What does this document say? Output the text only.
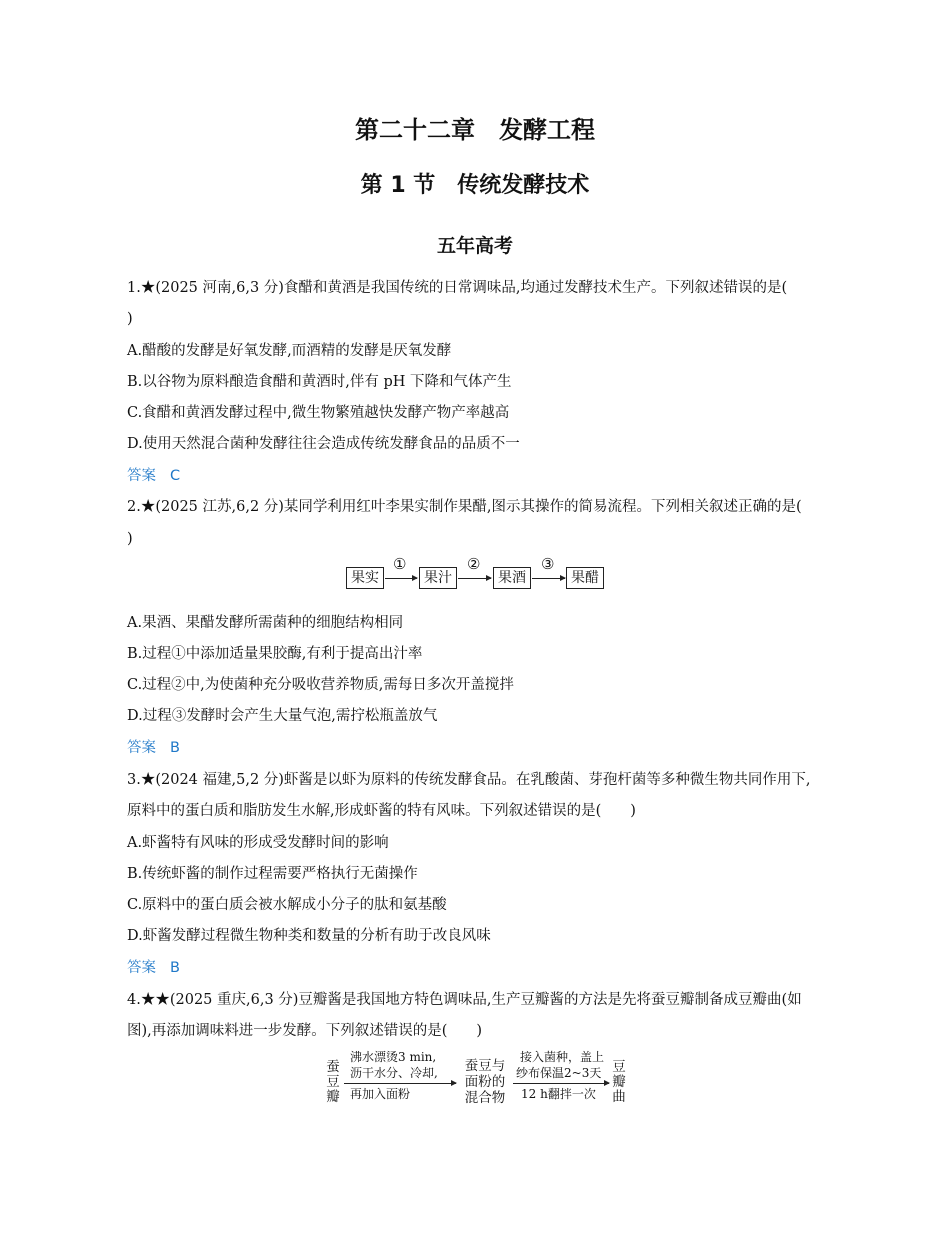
第二十二章　发酵工程
第 1 节　传统发酵技术
五年高考
1.★(2025 河南,6,3 分)食醋和黄酒是我国传统的日常调味品,均通过发酵技术生产。下列叙述错误的是(
)
A.醋酸的发酵是好氧发酵,而酒精的发酵是厌氧发酵
B.以谷物为原料酿造食醋和黄酒时,伴有 pH 下降和气体产生
C.食醋和黄酒发酵过程中,微生物繁殖越快发酵产物产率越高
D.使用天然混合菌种发酵往往会造成传统发酵食品的品质不一
答案 C
2.★(2025 江苏,6,2 分)某同学利用红叶李果实制作果醋,图示其操作的简易流程。下列相关叙述正确的是(
)
果实
①
果汁
②
果酒
③
果醋
A.果酒、果醋发酵所需菌种的细胞结构相同
B.过程①中添加适量果胶酶,有利于提高出汁率
C.过程②中,为使菌种充分吸收营养物质,需每日多次开盖搅拌
D.过程③发酵时会产生大量气泡,需拧松瓶盖放气
答案 B
3.★(2024 福建,5,2 分)虾酱是以虾为原料的传统发酵食品。在乳酸菌、芽孢杆菌等多种微生物共同作用下,
原料中的蛋白质和脂肪发生水解,形成虾酱的特有风味。下列叙述错误的是(　　)
A.虾酱特有风味的形成受发酵时间的影响
B.传统虾酱的制作过程需要严格执行无菌操作
C.原料中的蛋白质会被水解成小分子的肽和氨基酸
D.虾酱发酵过程微生物种类和数量的分析有助于改良风味
答案 B
4.★★(2025 重庆,6,3 分)豆瓣酱是我国地方特色调味品,生产豆瓣酱的方法是先将蚕豆瓣制备成豆瓣曲(如
图),再添加调味料进一步发酵。下列叙述错误的是(　　)
蚕
豆
瓣
沸水漂烫3 min,
沥干水分、冷却,
再加入面粉
蚕豆与
面粉的
混合物
接入菌种，盖上
纱布保温2~3天
12 h翻拌一次
豆
瓣
曲
